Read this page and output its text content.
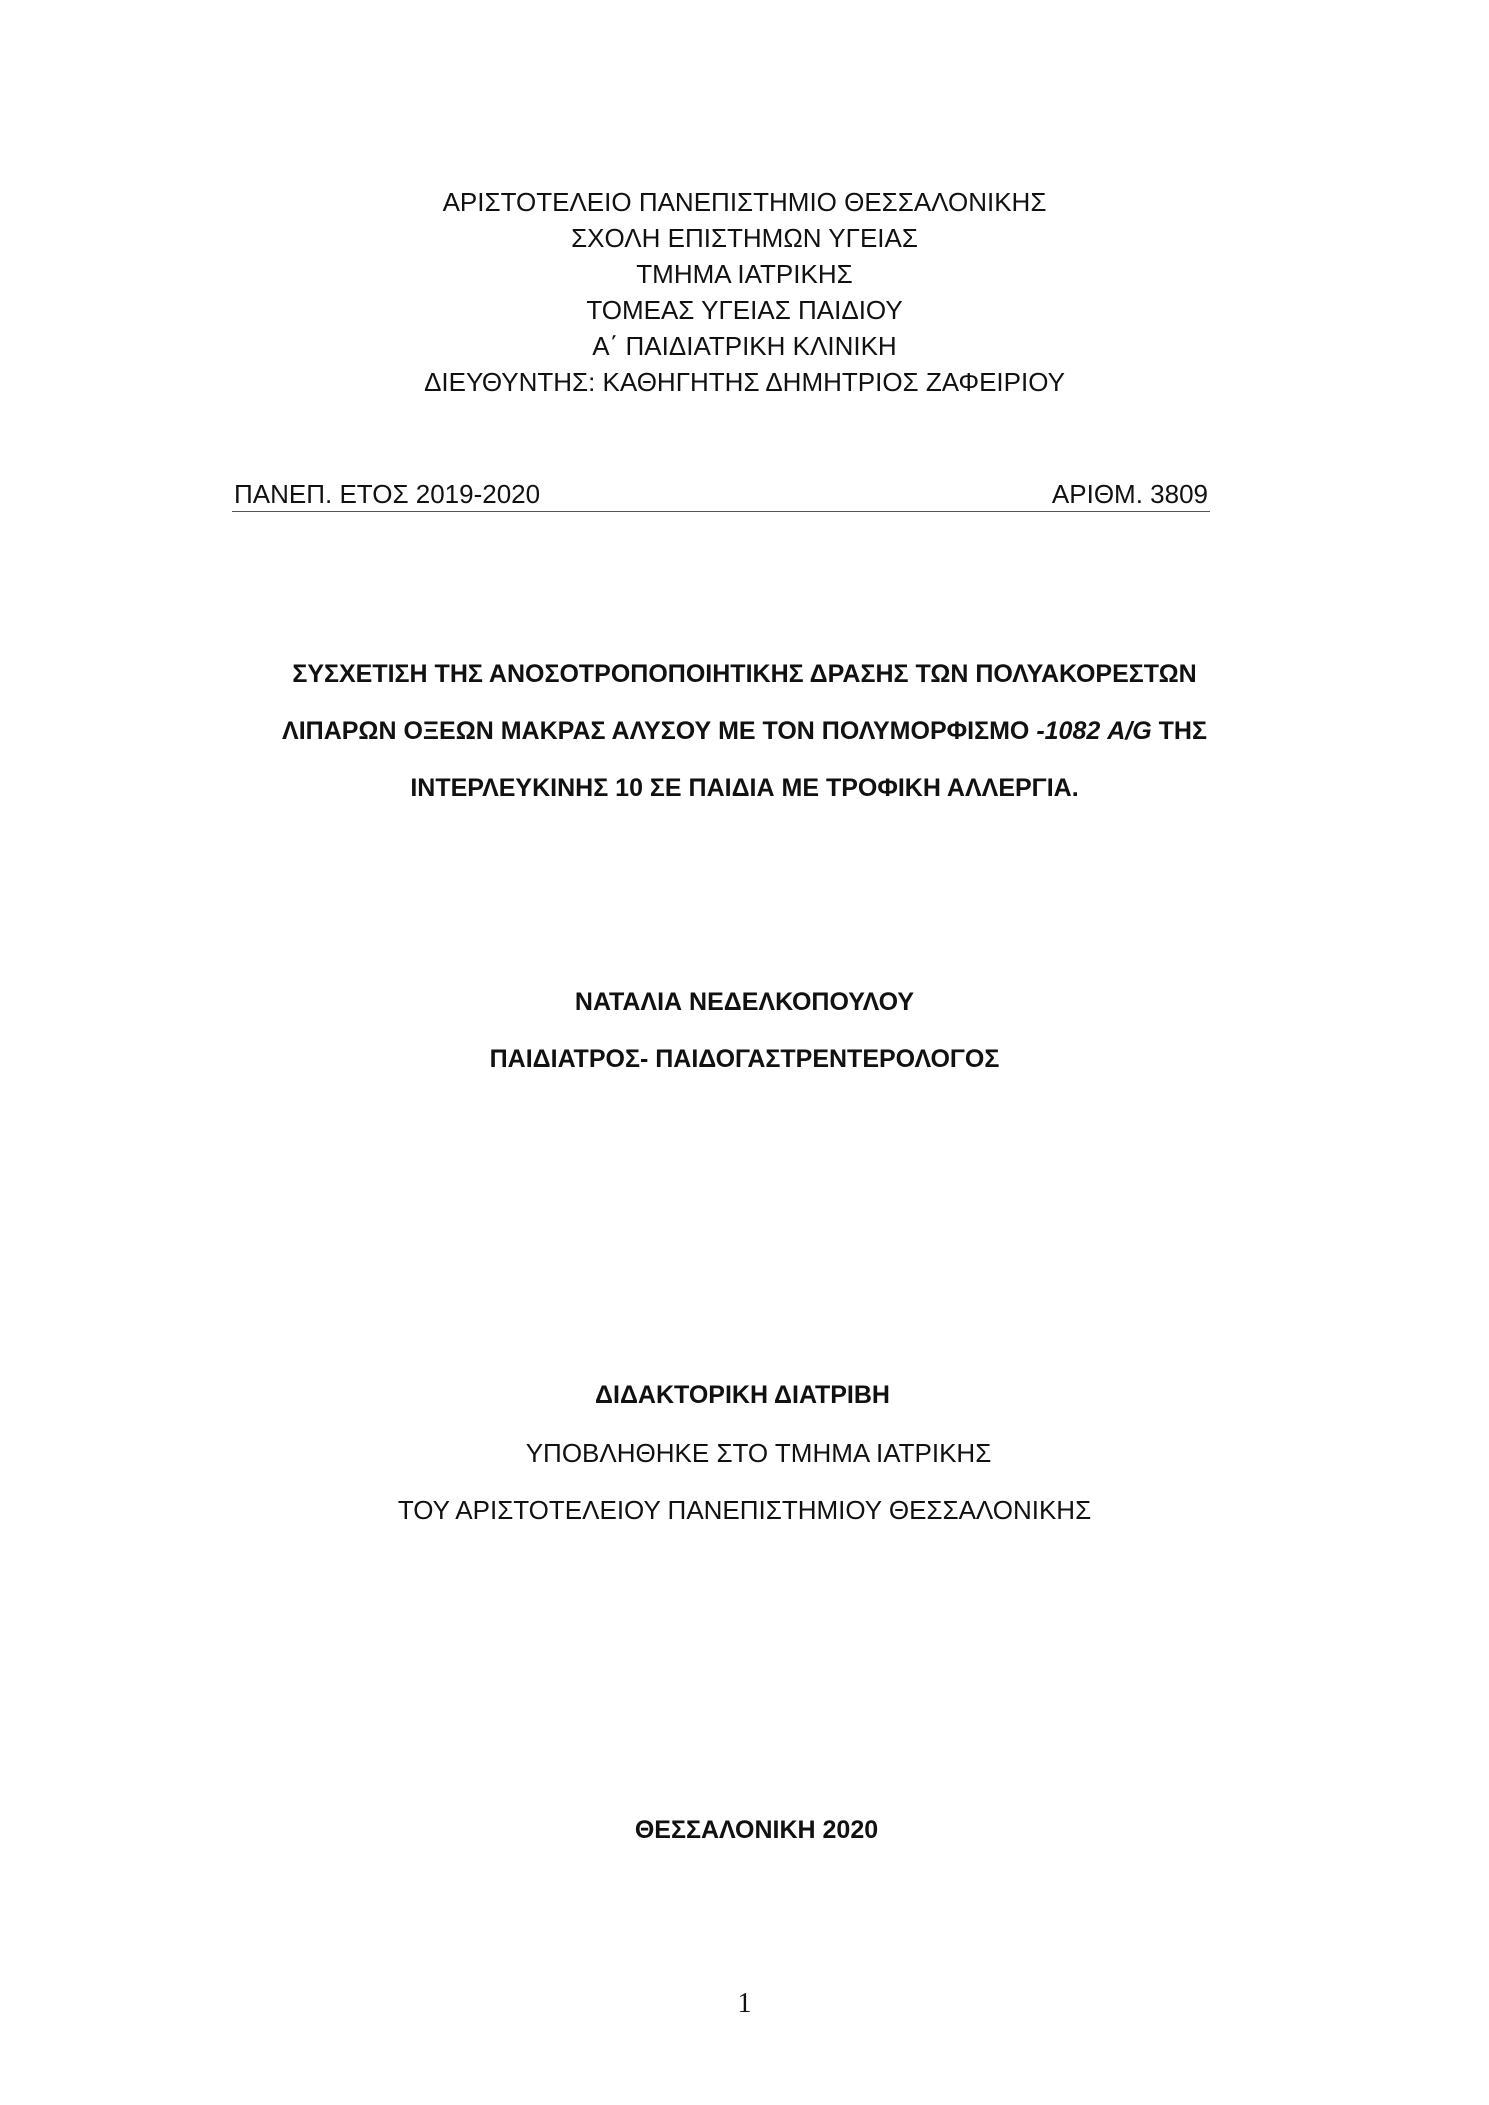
ΑΡΙΣΤΟΤΕΛΕΙΟ ΠΑΝΕΠΙΣΤΗΜΙΟ ΘΕΣΣΑΛΟΝΙΚΗΣ
ΣΧΟΛΗ ΕΠΙΣΤΗΜΩΝ ΥΓΕΙΑΣ
ΤΜΗΜΑ ΙΑΤΡΙΚΗΣ
ΤΟΜΕΑΣ ΥΓΕΙΑΣ ΠΑΙΔΙΟΥ
Α΄ ΠΑΙΔΙΑΤΡΙΚΗ ΚΛΙΝΙΚΗ
ΔΙΕΥΘΥΝΤΗΣ: ΚΑΘΗΓΗΤΗΣ ΔΗΜΗΤΡΙΟΣ ΖΑΦΕΙΡΙΟΥ
ΠΑΝΕΠ. ΕΤΟΣ 2019-2020	ΑΡΙΘΜ. 3809
ΣΥΣΧΕΤΙΣΗ ΤΗΣ ΑΝΟΣΟΤΡΟΠΟΠΟΙΗΤΙΚΗΣ ΔΡΑΣΗΣ ΤΩΝ ΠΟΛΥΑΚΟΡΕΣΤΩΝ
ΛΙΠΑΡΩΝ ΟΞΕΩΝ ΜΑΚΡΑΣ ΑΛΥΣΟΥ ΜΕ ΤΟΝ ΠΟΛΥΜΟΡΦΙΣΜΟ -1082 A/G ΤΗΣ
ΙΝΤΕΡΛΕΥΚΙΝΗΣ 10 ΣΕ ΠΑΙΔΙΑ ΜΕ ΤΡΟΦΙΚΗ ΑΛΛΕΡΓΙΑ.
ΝΑΤΑΛΙΑ ΝΕΔΕΛΚΟΠΟΥΛΟΥ
ΠΑΙΔΙΑΤΡΟΣ- ΠΑΙΔΟΓΑΣΤΡΕΝΤΕΡΟΛΟΓΟΣ
ΔΙΔΑΚΤΟΡΙΚΗ ΔΙΑΤΡΙΒΗ
ΥΠΟΒΛΗΘΗΚΕ ΣΤΟ ΤΜΗΜΑ ΙΑΤΡΙΚΗΣ
ΤΟΥ ΑΡΙΣΤΟΤΕΛΕΙΟΥ ΠΑΝΕΠΙΣΤΗΜΙΟΥ ΘΕΣΣΑΛΟΝΙΚΗΣ
ΘΕΣΣΑΛΟΝΙΚΗ 2020
1
